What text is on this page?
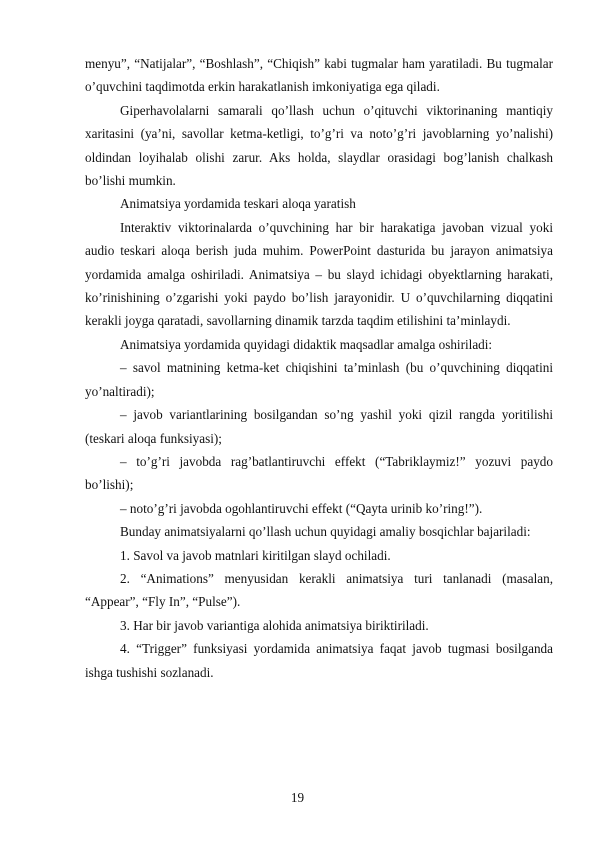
menyu”, “Natijalar”, “Boshlash”, “Chiqish” kabi tugmalar ham yaratiladi. Bu tugmalar o’quvchini taqdimotda erkin harakatlanish imkoniyatiga ega qiladi.

Giperhavolalarni samarali qo’llash uchun o’qituvchi viktorinaning mantiqiy xaritasini (ya’ni, savollar ketma-ketligi, to’g’ri va noto’g’ri javoblarning yo’nalishi) oldindan loyihalab olishi zarur. Aks holda, slaydlar orasidagi bog’lanish chalkash bo’lishi mumkin.

Animatsiya yordamida teskari aloqa yaratish

Interaktiv viktorinalarda o’quvchining har bir harakatiga javoban vizual yoki audio teskari aloqa berish juda muhim. PowerPoint dasturida bu jarayon animatsiya yordamida amalga oshiriladi. Animatsiya – bu slayd ichidagi obyektlarning harakati, ko’rinishining o’zgarishi yoki paydo bo’lish jarayonidir. U o’quvchilarning diqqatini kerakli joyga qaratadi, savollarning dinamik tarzda taqdim etilishini ta’minlaydi.

Animatsiya yordamida quyidagi didaktik maqsadlar amalga oshiriladi:

– savol matnining ketma-ket chiqishini ta’minlash (bu o’quvchining diqqatini yo’naltiradi);

– javob variantlarining bosilgandan so’ng yashil yoki qizil rangda yoritilishi (teskari aloqa funksiyasi);

– to’g’ri javobda rag’batlantiruvchi effekt (“Tabriklaymiz!” yozuvi paydo bo’lishi);

– noto’g’ri javobda ogohlantiruvchi effekt (“Qayta urinib ko’ring!”).

Bunday animatsiyalarni qo’llash uchun quyidagi amaliy bosqichlar bajariladi:

1. Savol va javob matnlari kiritilgan slayd ochiladi.

2. “Animations” menyusidan kerakli animatsiya turi tanlanadi (masalan, “Appear”, “Fly In”, “Pulse”).

3. Har bir javob variantiga alohida animatsiya biriktiriladi.

4. “Trigger” funksiyasi yordamida animatsiya faqat javob tugmasi bosilganda ishga tushishi sozlanadi.

19
